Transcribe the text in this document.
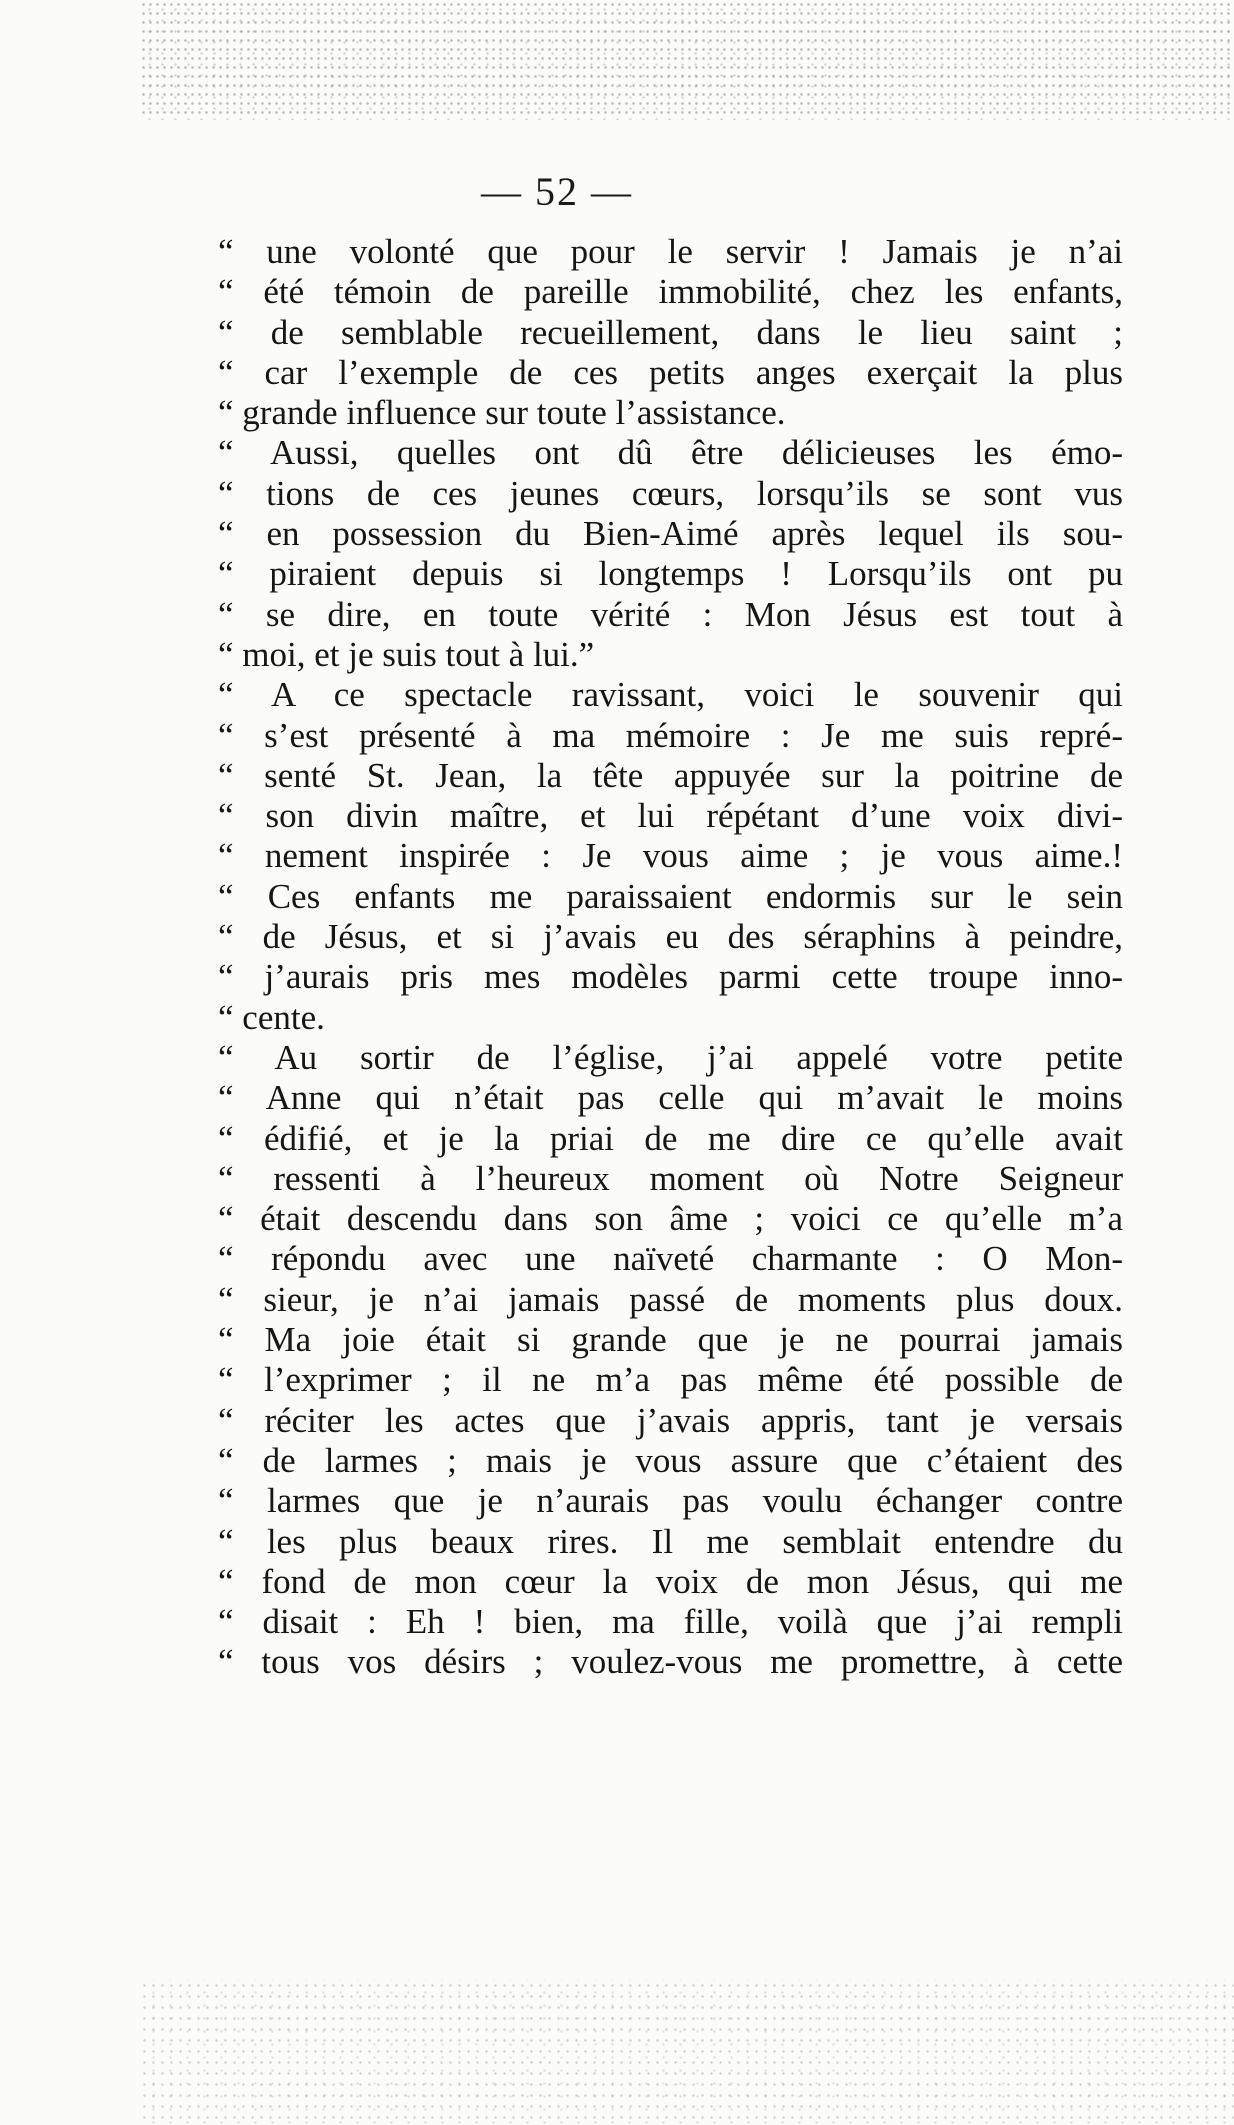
— 52 —
“ une volonté que pour le servir ! Jamais je n’ai
“ été témoin de pareille immobilité, chez les enfants,
“ de semblable recueillement, dans le lieu saint ;
“ car l’exemple de ces petits anges exerçait la plus
“ grande influence sur toute l’assistance.
“ Aussi, quelles ont dû être délicieuses les émo-
“ tions de ces jeunes cœurs, lorsqu’ils se sont vus
“ en possession du Bien-Aimé après lequel ils sou-
“ piraient depuis si longtemps ! Lorsqu’ils ont pu
“ se dire, en toute vérité : Mon Jésus est tout à
“ moi, et je suis tout à lui.”
“ A ce spectacle ravissant, voici le souvenir qui
“ s’est présenté à ma mémoire : Je me suis repré-
“ senté St. Jean, la tête appuyée sur la poitrine de
“ son divin maître, et lui répétant d’une voix divi-
“ nement inspirée : Je vous aime ; je vous aime.!
“ Ces enfants me paraissaient endormis sur le sein
“ de Jésus, et si j’avais eu des séraphins à peindre,
“ j’aurais pris mes modèles parmi cette troupe inno-
“ cente.
“ Au sortir de l’église, j’ai appelé votre petite
“ Anne qui n’était pas celle qui m’avait le moins
“ édifié, et je la priai de me dire ce qu’elle avait
“ ressenti à l’heureux moment où Notre Seigneur
“ était descendu dans son âme ; voici ce qu’elle m’a
“ répondu avec une naïveté charmante : O Mon-
“ sieur, je n’ai jamais passé de moments plus doux.
“ Ma joie était si grande que je ne pourrai jamais
“ l’exprimer ; il ne m’a pas même été possible de
“ réciter les actes que j’avais appris, tant je versais
“ de larmes ; mais je vous assure que c’étaient des
“ larmes que je n’aurais pas voulu échanger contre
“ les plus beaux rires. Il me semblait entendre du
“ fond de mon cœur la voix de mon Jésus, qui me
“ disait : Eh ! bien, ma fille, voilà que j’ai rempli
“ tous vos désirs ; voulez-vous me promettre, à cette
